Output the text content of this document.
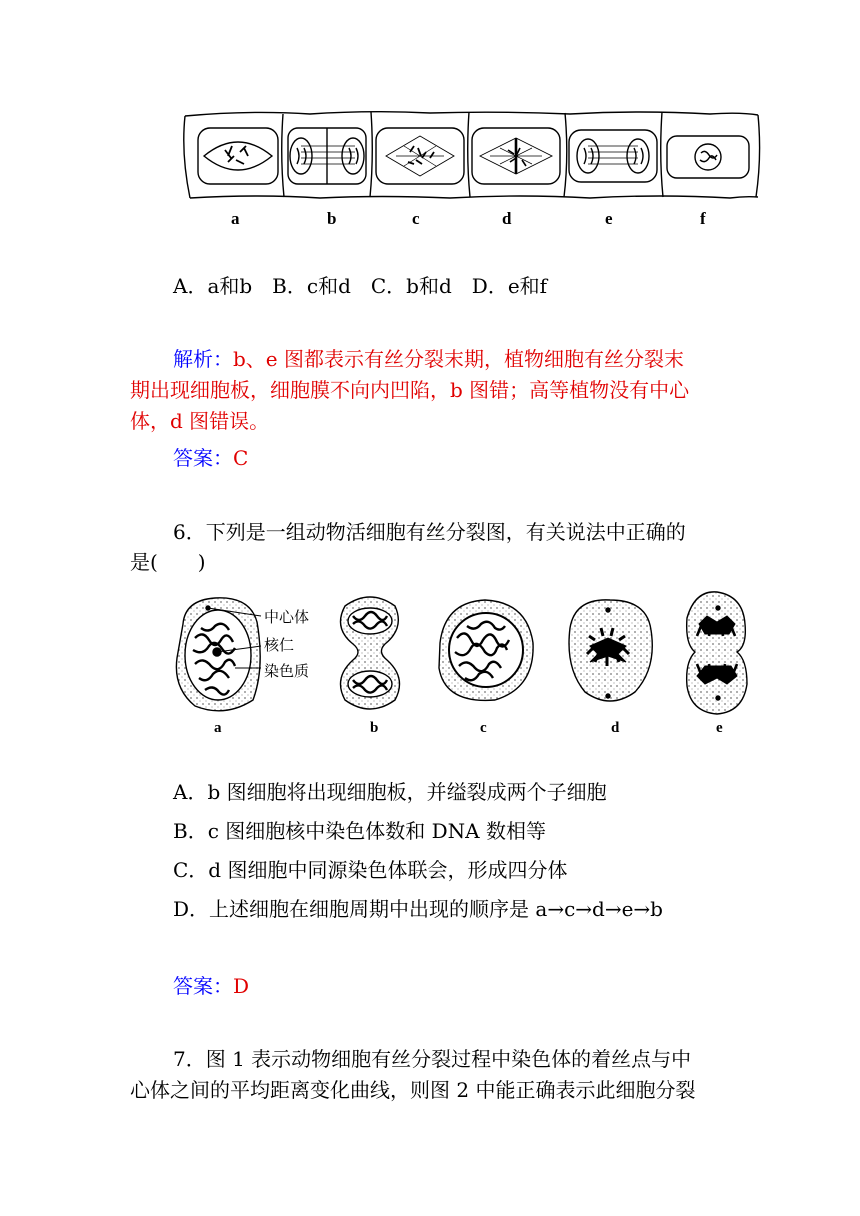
a	b	c	d	e	f
A．a和b　B．c和d　C．b和d　D．e和f
解析：b、e 图都表示有丝分裂末期，植物细胞有丝分裂末
期出现细胞板，细胞膜不向内凹陷，b 图错；高等植物没有中心
体，d 图错误。
答案：C
6．下列是一组动物活细胞有丝分裂图，有关说法中正确的
是(　　)
中心体
核仁
染色质
a	b	c	d	e
A．b 图细胞将出现细胞板，并缢裂成两个子细胞
B．c 图细胞核中染色体数和 DNA 数相等
C．d 图细胞中同源染色体联会，形成四分体
D．上述细胞在细胞周期中出现的顺序是 a→c→d→e→b
答案：D
7．图 1 表示动物细胞有丝分裂过程中染色体的着丝点与中
心体之间的平均距离变化曲线，则图 2 中能正确表示此细胞分裂
